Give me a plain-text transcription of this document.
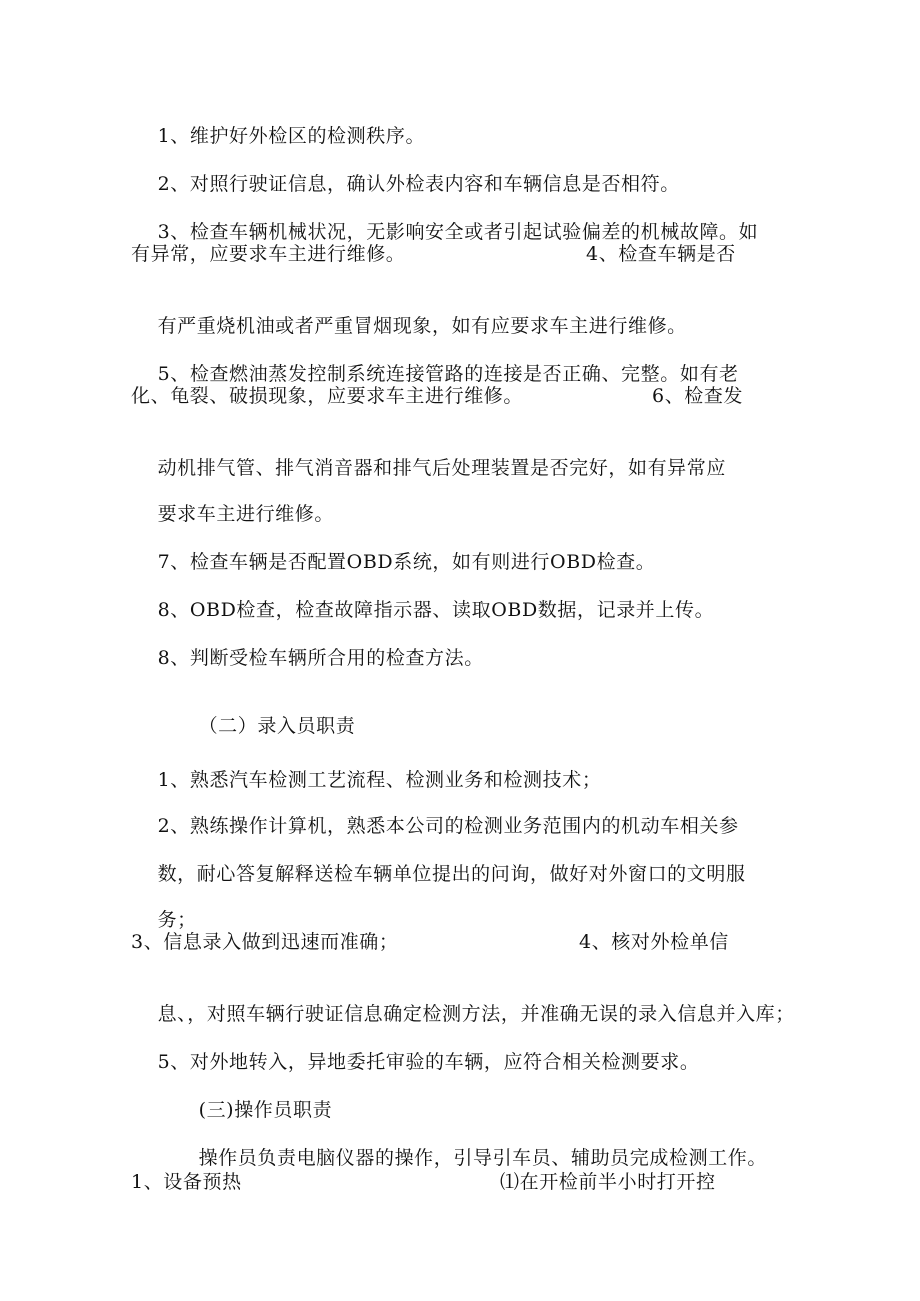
1、维护好外检区的检测秩序。

2、对照行驶证信息，确认外检表内容和车辆信息是否相符。

3、检查车辆机械状况，无影响安全或者引起试验偏差的机械故障。如

有异常，应要求车主进行维修。

	4、检查车辆是否

有严重烧机油或者严重冒烟现象，如有应要求车主进行维修。

5、检查燃油蒸发控制系统连接管路的连接是否正确、完整。如有老

化、龟裂、破损现象，应要求车主进行维修。

	6、检查发

动机排气管、排气消音器和排气后处理装置是否完好，如有异常应

要求车主进行维修。

7、检查车辆是否配置OBD系统，如有则进行OBD检查。

8、OBD检查，检查故障指示器、读取OBD数据，记录并上传。

8、判断受检车辆所合用的检查方法。

（二）录入员职责

1、熟悉汽车检测工艺流程、检测业务和检测技术；

2、熟练操作计算机，熟悉本公司的检测业务范围内的机动车相关参

数，耐心答复解释送检车辆单位提出的问询，做好对外窗口的文明服

务；

3、信息录入做到迅速而准确；

	4、核对外检单信

息、，对照车辆行驶证信息确定检测方法，并准确无误的录入信息并入库；

5、对外地转入，异地委托审验的车辆，应符合相关检测要求。

(三)操作员职责

操作员负责电脑仪器的操作，引导引车员、辅助员完成检测工作。

1、设备预热

	⑴在开检前半小时打开控
